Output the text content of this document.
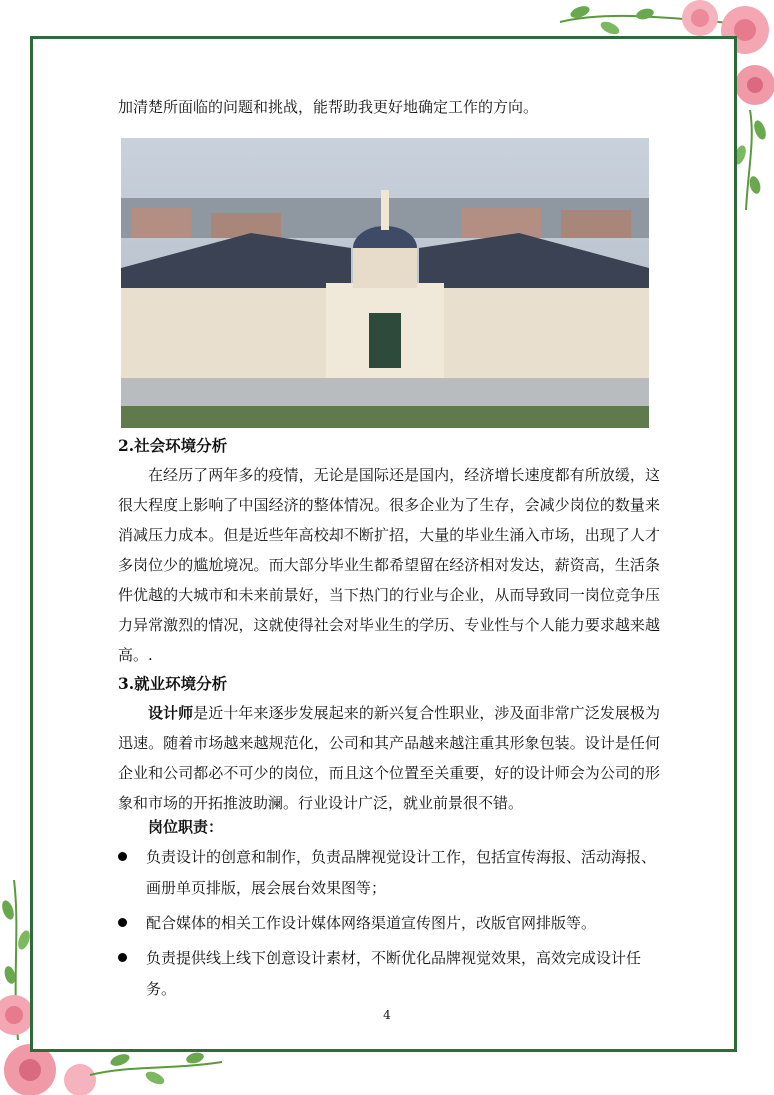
加清楚所面临的问题和挑战，能帮助我更好地确定工作的方向。

2.社会环境分析

在经历了两年多的疫情，无论是国际还是国内，经济增长速度都有所放缓，这很大程度上影响了中国经济的整体情况。很多企业为了生存，会减少岗位的数量来消减压力成本。但是近些年高校却不断扩招，大量的毕业生涌入市场，出现了人才多岗位少的尴尬境况。而大部分毕业生都希望留在经济相对发达，薪资高，生活条件优越的大城市和未来前景好，当下热门的行业与企业，从而导致同一岗位竞争压力异常激烈的情况，这就使得社会对毕业生的学历、专业性与个人能力要求越来越高。.

3.就业环境分析

设计师是近十年来逐步发展起来的新兴复合性职业，涉及面非常广泛发展极为迅速。随着市场越来越规范化，公司和其产品越来越注重其形象包装。设计是任何企业和公司都必不可少的岗位，而且这个位置至关重要，好的设计师会为公司的形象和市场的开拓推波助澜。行业设计广泛，就业前景很不错。

岗位职责：
负责设计的创意和制作，负责品牌视觉设计工作，包括宣传海报、活动海报、画册单页排版，展会展台效果图等；
配合媒体的相关工作设计媒体网络渠道宣传图片，改版官网排版等。
负责提供线上线下创意设计素材，不断优化品牌视觉效果，高效完成设计任务。
4
